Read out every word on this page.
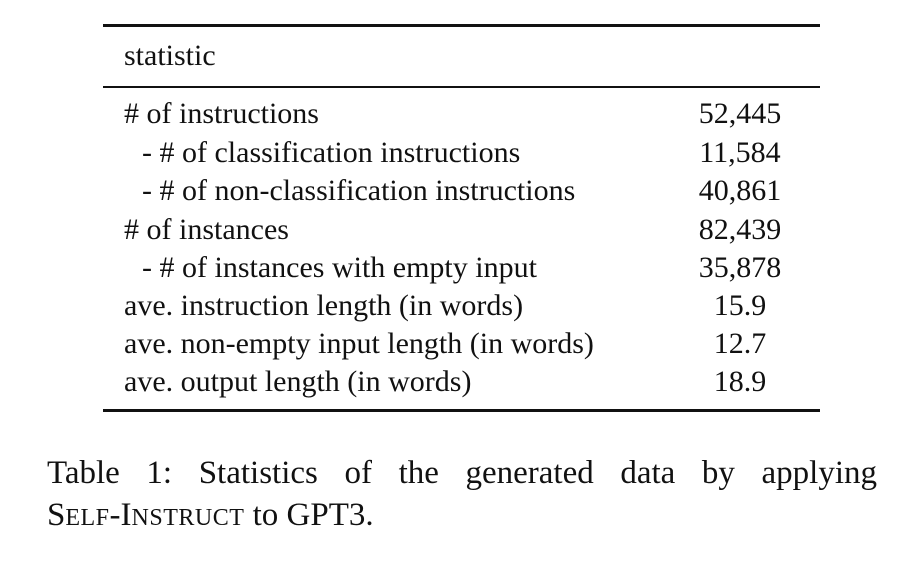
statistic
# of instructions	52,445
- # of classification instructions	11,584
- # of non-classification instructions	40,861
# of instances	82,439
- # of instances with empty input	35,878
ave. instruction length (in words)	15.9
ave. non-empty input length (in words)	12.7
ave. output length (in words)	18.9
Table 1: Statistics of the generated data by applying
SELF-INSTRUCT to GPT3.
